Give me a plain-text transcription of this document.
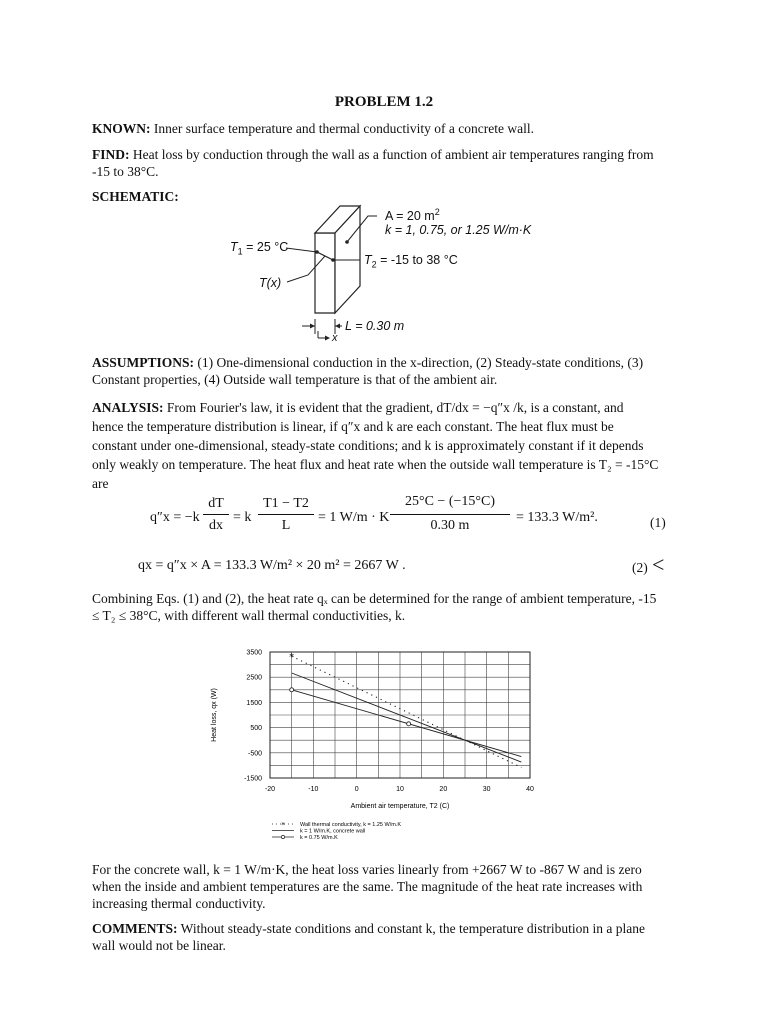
PROBLEM 1.2
KNOWN: Inner surface temperature and thermal conductivity of a concrete wall.
FIND: Heat loss by conduction through the wall as a function of ambient air temperatures ranging from
-15 to 38°C.
SCHEMATIC:
A = 20 $m^2$
k = 1, 0.75, or 1.25 W/m·K
$T_1 = 25$ °C
$T_2 = -15$ to 38 °C
T(x)
L = 0.30 m
x
ASSUMPTIONS: (1) One-dimensional conduction in the x-direction, (2) Steady-state conditions, (3)
Constant properties, (4) Outside wall temperature is that of the ambient air.
ANALYSIS: From Fourier's law, it is evident that the gradient, dT/dx = −q″x /k, is a constant, and
hence the temperature distribution is linear, if q″x and k are each constant. The heat flux must be
constant under one-dimensional, steady-state conditions; and k is approximately constant if it depends
only weakly on temperature. The heat flux and heat rate when the outside wall temperature is T₂ = -15°C
are
q″x = −k
dT
dx
= k
T1 − T2
L
= 1 W/m · K
25°C − (−15°C)
0.30 m
= 133.3 W/m².	(1)
qx = q″x × A = 133.3 W/m² × 20 m² = 2667 W .	(2) <
Combining Eqs. (1) and (2), the heat rate qₓ can be determined for the range of ambient temperature, -15
≤ T₂ ≤ 38°C, with different wall thermal conductivities, k.
-20	-10	0	10	20	30	40
3500
2500
1500
500
-500
-1500
Ambient air temperature, T2 (C)
Heat loss, qx (W)
*
*	Wall thermal conductivity, k = 1.25 W/m.K
k = 1 W/m.K, concrete wall
k = 0.75 W/m.K
For the concrete wall, k = 1 W/m·K, the heat loss varies linearly from +2667 W to -867 W and is zero
when the inside and ambient temperatures are the same. The magnitude of the heat rate increases with
increasing thermal conductivity.
COMMENTS: Without steady-state conditions and constant k, the temperature distribution in a plane
wall would not be linear.
